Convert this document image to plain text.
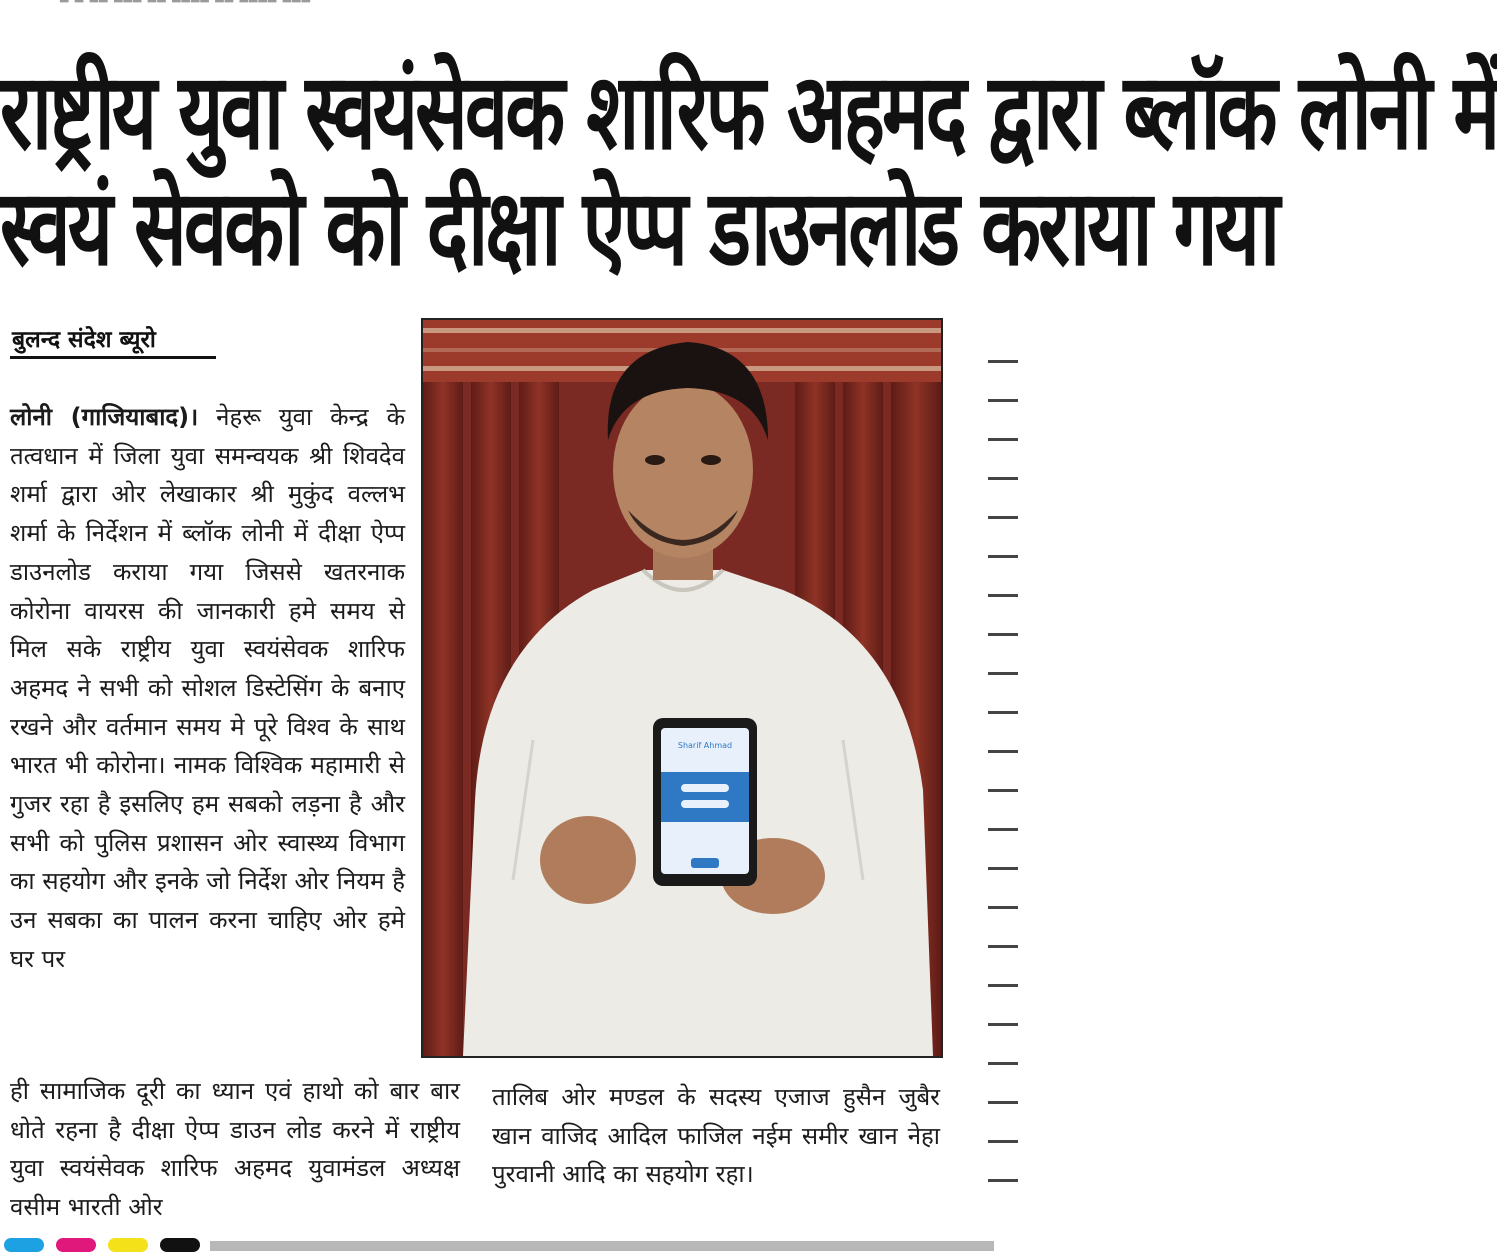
━ ━ ━━ ━━━ ━━ ━━━━ ━━ ━━━━ ━━━
राष्ट्रीय युवा स्वयंसेवक शारिफ अहमद द्वारा ब्लॉक लोनी में
स्वयं सेवको को दीक्षा ऐप्प डाउनलोड कराया गया
बुलन्द संदेश ब्यूरो
लोनी (गाजियाबाद)। नेहरू युवा केन्द्र के तत्वधान में जिला युवा समन्वयक श्री शिवदेव शर्मा द्वारा ओर लेखाकार श्री मुकुंद वल्लभ शर्मा के निर्देशन में ब्लॉक लोनी में दीक्षा ऐप्प डाउनलोड कराया गया जिससे खतरनाक कोरोना वायरस की जानकारी हमे समय से मिल सके राष्ट्रीय युवा स्वयंसेवक शारिफ अहमद ने सभी को सोशल डिस्टेसिंग के बनाए रखने और वर्तमान समय मे पूरे विश्व के साथ भारत भी कोरोना। नामक विश्विक महामारी से गुजर रहा है इसलिए हम सबको लड़ना है और सभी को पुलिस प्रशासन ओर स्वास्थ्य विभाग का सहयोग और इनके जो निर्देश ओर नियम है उन सबका का पालन करना चाहिए ओर हमे घर पर
ही सामाजिक दूरी का ध्यान एवं हाथो को बार बार धोते रहना है दीक्षा ऐप्प डाउन लोड करने में राष्ट्रीय युवा स्वयंसेवक शारिफ अहमद युवामंडल अध्यक्ष वसीम भारती ओर
तालिब ओर मण्डल के सदस्य एजाज हुसैन जुबैर खान वाजिद आदिल फाजिल नईम समीर खान नेहा पुरवानी आदि का सहयोग रहा।
Sharif Ahmad
